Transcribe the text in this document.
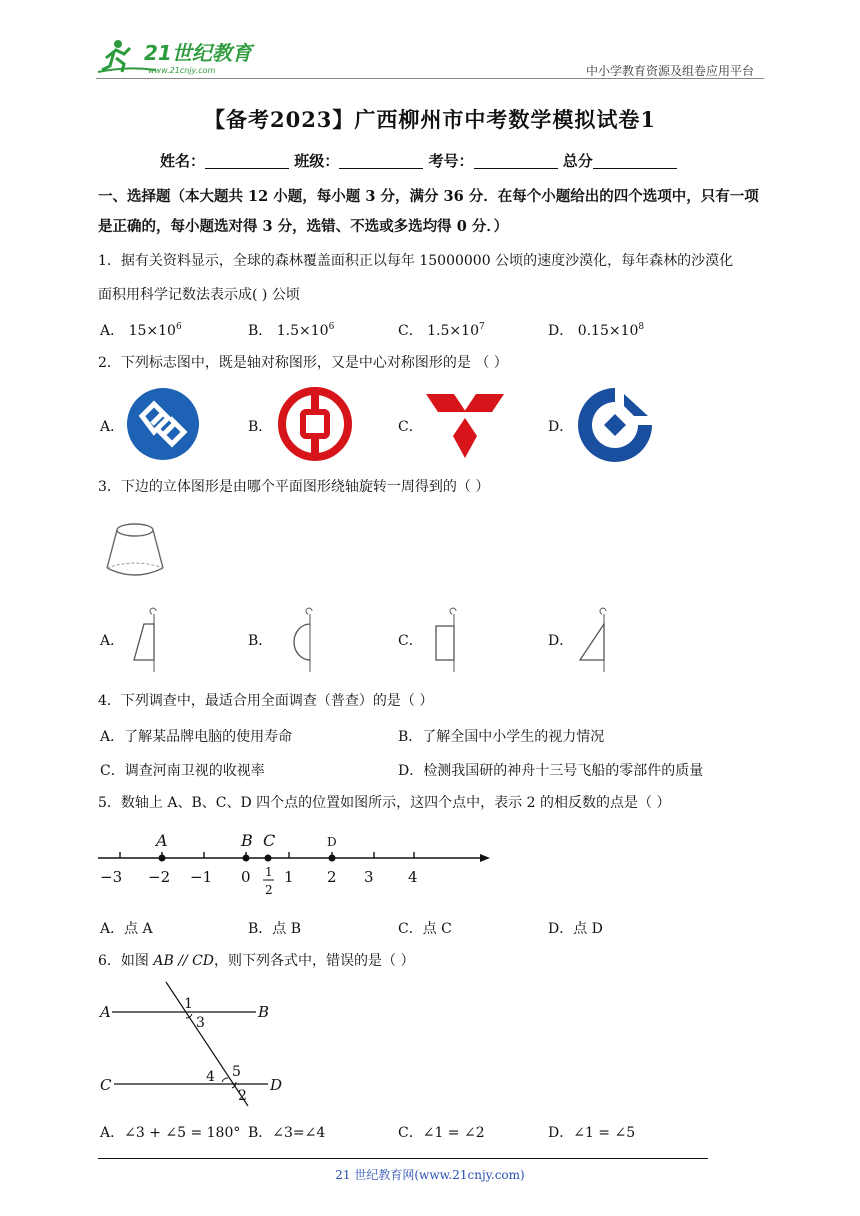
21世纪教育
www.21cnjy.com	中小学教育资源及组卷应用平台
【备考2023】广西柳州市中考数学模拟试卷1
姓名：	班级：	考号：	总分
一、选择题（本大题共 12 小题，每小题 3 分，满分 36 分．在每个小题给出的四个选项中，只有一项是正确的，每小题选对得 3 分，选错、不选或多选均得 0 分．）
1．据有关资料显示，全球的森林覆盖面积正以每年 15000000 公顷的速度沙漠化，每年森林的沙漠化
面积用科学记数法表示成( ) 公顷
A． $15\times 10^6$	B． $1.5\times 10^6$	C． $1.5\times 10^7$	D． $0.15\times 10^8$
2．下列标志图中，既是轴对称图形，又是中心对称图形的是 （ ）
A．	B．	C．	D．
3．下边的立体图形是由哪个平面图形绕轴旋转一周得到的（ ）
A．	B．	C．	D．
4．下列调查中，最适合用全面调查（普查）的是（ ）
A．了解某品牌电脑的使用寿命	B．了解全国中小学生的视力情况
C．调查河南卫视的收视率	D．检测我国研的神舟十三号飞船的零部件的质量
5．数轴上 A、B、C、D 四个点的位置如图所示，这四个点中，表示 2 的相反数的点是（ ）
A	B C	D
−3 −2 −1 0 1 2 3 4
1
2
A．点 A	B．点 B	C．点 C	D．点 D
6．如图 AB // CD，则下列各式中，错误的是（ ）
A	B
C	D
1
3
4 5
2
A．∠3 + ∠5 = 180° B．∠3=∠4	C．∠1 = ∠2	D．∠1 = ∠5
21 世纪教育网(www.21cnjy.com)
